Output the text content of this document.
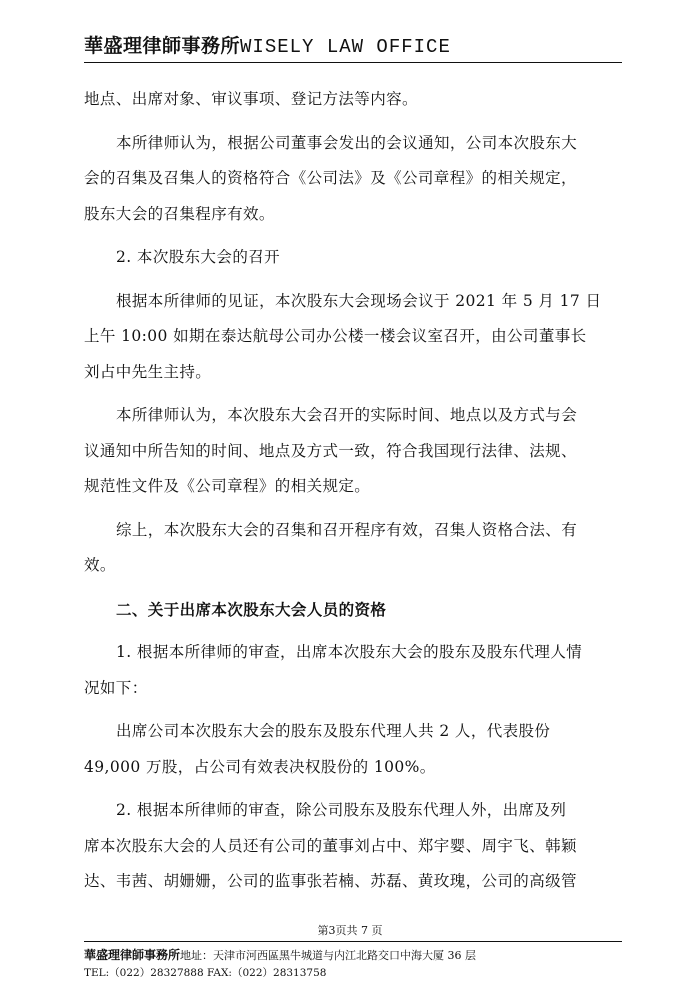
華盛理律師事務所WISELY LAW OFFICE
地点、出席对象、审议事项、登记方法等内容。
本所律师认为，根据公司董事会发出的会议通知，公司本次股东大
会的召集及召集人的资格符合《公司法》及《公司章程》的相关规定，
股东大会的召集程序有效。
2. 本次股东大会的召开
根据本所律师的见证，本次股东大会现场会议于 2021 年 5 月 17 日
上午 10:00 如期在泰达航母公司办公楼一楼会议室召开，由公司董事长
刘占中先生主持。
本所律师认为，本次股东大会召开的实际时间、地点以及方式与会
议通知中所告知的时间、地点及方式一致，符合我国现行法律、法规、
规范性文件及《公司章程》的相关规定。
综上，本次股东大会的召集和召开程序有效，召集人资格合法、有
效。
二、关于出席本次股东大会人员的资格
1. 根据本所律师的审查，出席本次股东大会的股东及股东代理人情
况如下：
出席公司本次股东大会的股东及股东代理人共 2 人，代表股份
49,000 万股，占公司有效表决权股份的 100%。
2. 根据本所律师的审查，除公司股东及股东代理人外，出席及列
席本次股东大会的人员还有公司的董事刘占中、郑宇婴、周宇飞、韩颖
达、韦茜、胡姗姗，公司的监事张若楠、苏磊、黄玫瑰，公司的高级管
第3页共 7 页
華盛理律師事務所地址：天津市河西區黑牛城道与内江北路交口中海大厦 36 层
TEL:（022）28327888 FAX:（022）28313758
